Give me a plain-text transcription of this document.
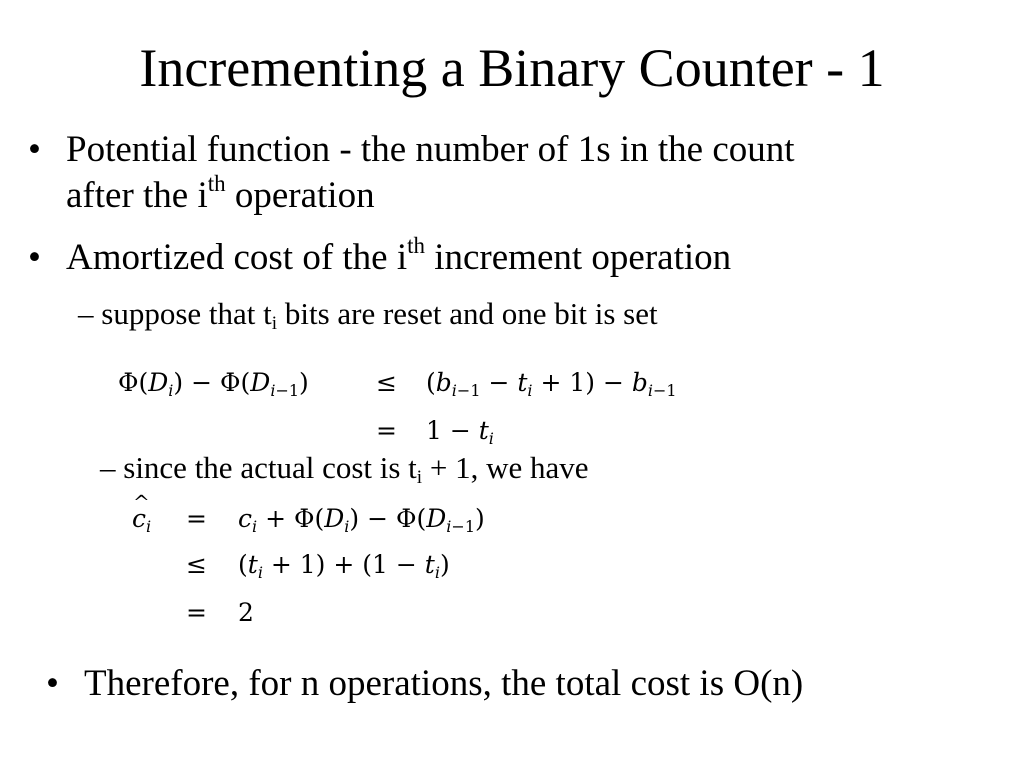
Incrementing a Binary Counter - 1
• Potential function - the number of 1s in the count
after the $i^{th}$ operation
• Amortized cost of the $i^{th}$ increment operation
– suppose that $t_i$ bits are reset and one bit is set
Φ(Di) − Φ(Di−1)	≤ (bi−1 − ti + 1) − bi−1
= 1 − ti
– since the actual cost is $t_i + 1$, we have
^ ci = ci + Φ(Di) − Φ(Di−1)
≤ (ti + 1) + (1 − ti)
= 2
• Therefore, for n operations, the total cost is O(n)
